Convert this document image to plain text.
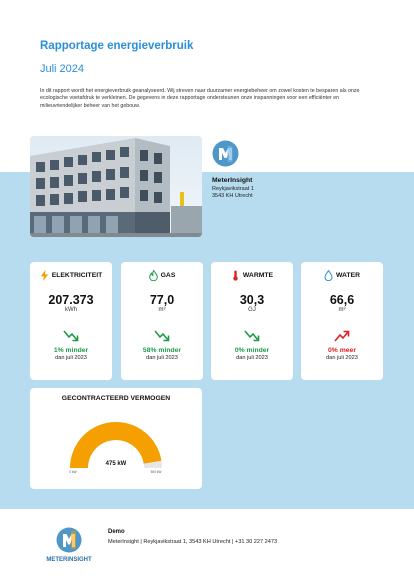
Rapportage energieverbruik
Juli 2024

In dit rapport wordt het energieverbruik geanalyseerd. Wij streven naar duurzamer energiebeheer om zowel kosten te besparen als onze ecologische voetafdruk te verkleinen. De gegevens in deze rapportage ondersteunen onze inspanningen voor een efficiënter en milieuvriendelijker beheer van het gebouw.

MeterInsight
Reykjavikstraat 1
3543 KH Utrecht
ELEKTRICITEIT
207.373
kWh
1% minder
dan juli 2023
GAS
77,0
m³
58% minder
dan juli 2023
WARMTE
30,3
GJ
0% minder
dan juli 2023
WATER
66,6
m³
0% meer
dan juli 2023
GECONTRACTEERD VERMOGEN
475 kW
0 kW	500 kW
METERINSIGHT
Demo
MeterInsight | Reykjavikstraat 1, 3543 KH Utrecht | +31 30 227 2473
